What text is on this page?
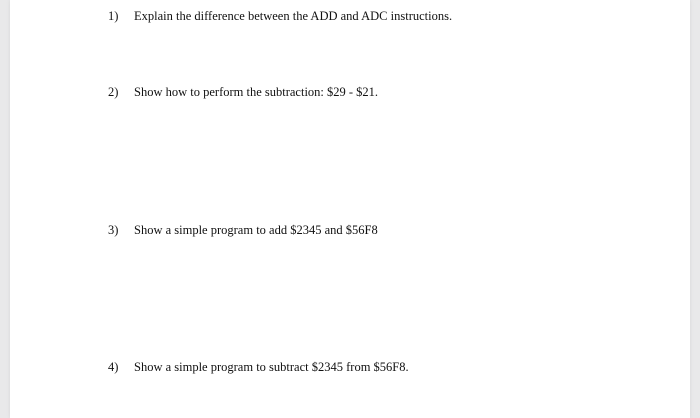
1) Explain the difference between the ADD and ADC instructions.
2) Show how to perform the subtraction: $29 - $21.
3) Show a simple program to add $2345 and $56F8
4) Show a simple program to subtract $2345 from $56F8.
